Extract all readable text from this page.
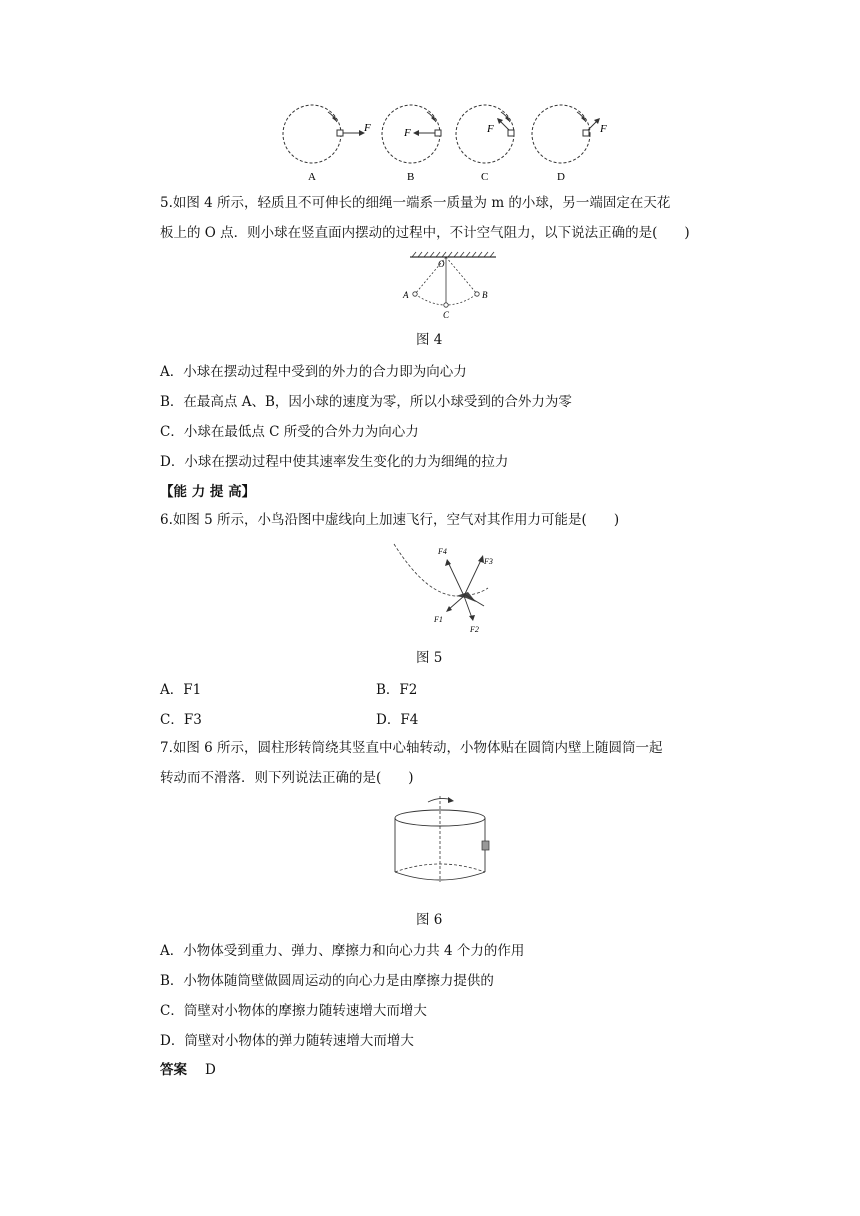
F
A
F
B
F
C
F
D
5.如图 4 所示，轻质且不可伸长的细绳一端系一质量为 m 的小球，另一端固定在天花
板上的 O 点．则小球在竖直面内摆动的过程中，不计空气阻力，以下说法正确的是(　　)
O
A	B
C
图 4
A．小球在摆动过程中受到的外力的合力即为向心力
B．在最高点 A、B，因小球的速度为零，所以小球受到的合外力为零
C．小球在最低点 C 所受的合外力为向心力
D．小球在摆动过程中使其速率发生变化的力为细绳的拉力
【能 力 提 高】
6.如图 5 所示，小鸟沿图中虚线向上加速飞行，空气对其作用力可能是(　　)
F4
F3
F1
F2
图 5
A．F1	B．F2
C．F3	D．F4
7.如图 6 所示，圆柱形转筒绕其竖直中心轴转动，小物体贴在圆筒内壁上随圆筒一起
转动而不滑落．则下列说法正确的是(　　)
图 6
A．小物体受到重力、弹力、摩擦力和向心力共 4 个力的作用
B．小物体随筒壁做圆周运动的向心力是由摩擦力提供的
C．筒壁对小物体的摩擦力随转速增大而增大
D．筒壁对小物体的弹力随转速增大而增大
答案 D
